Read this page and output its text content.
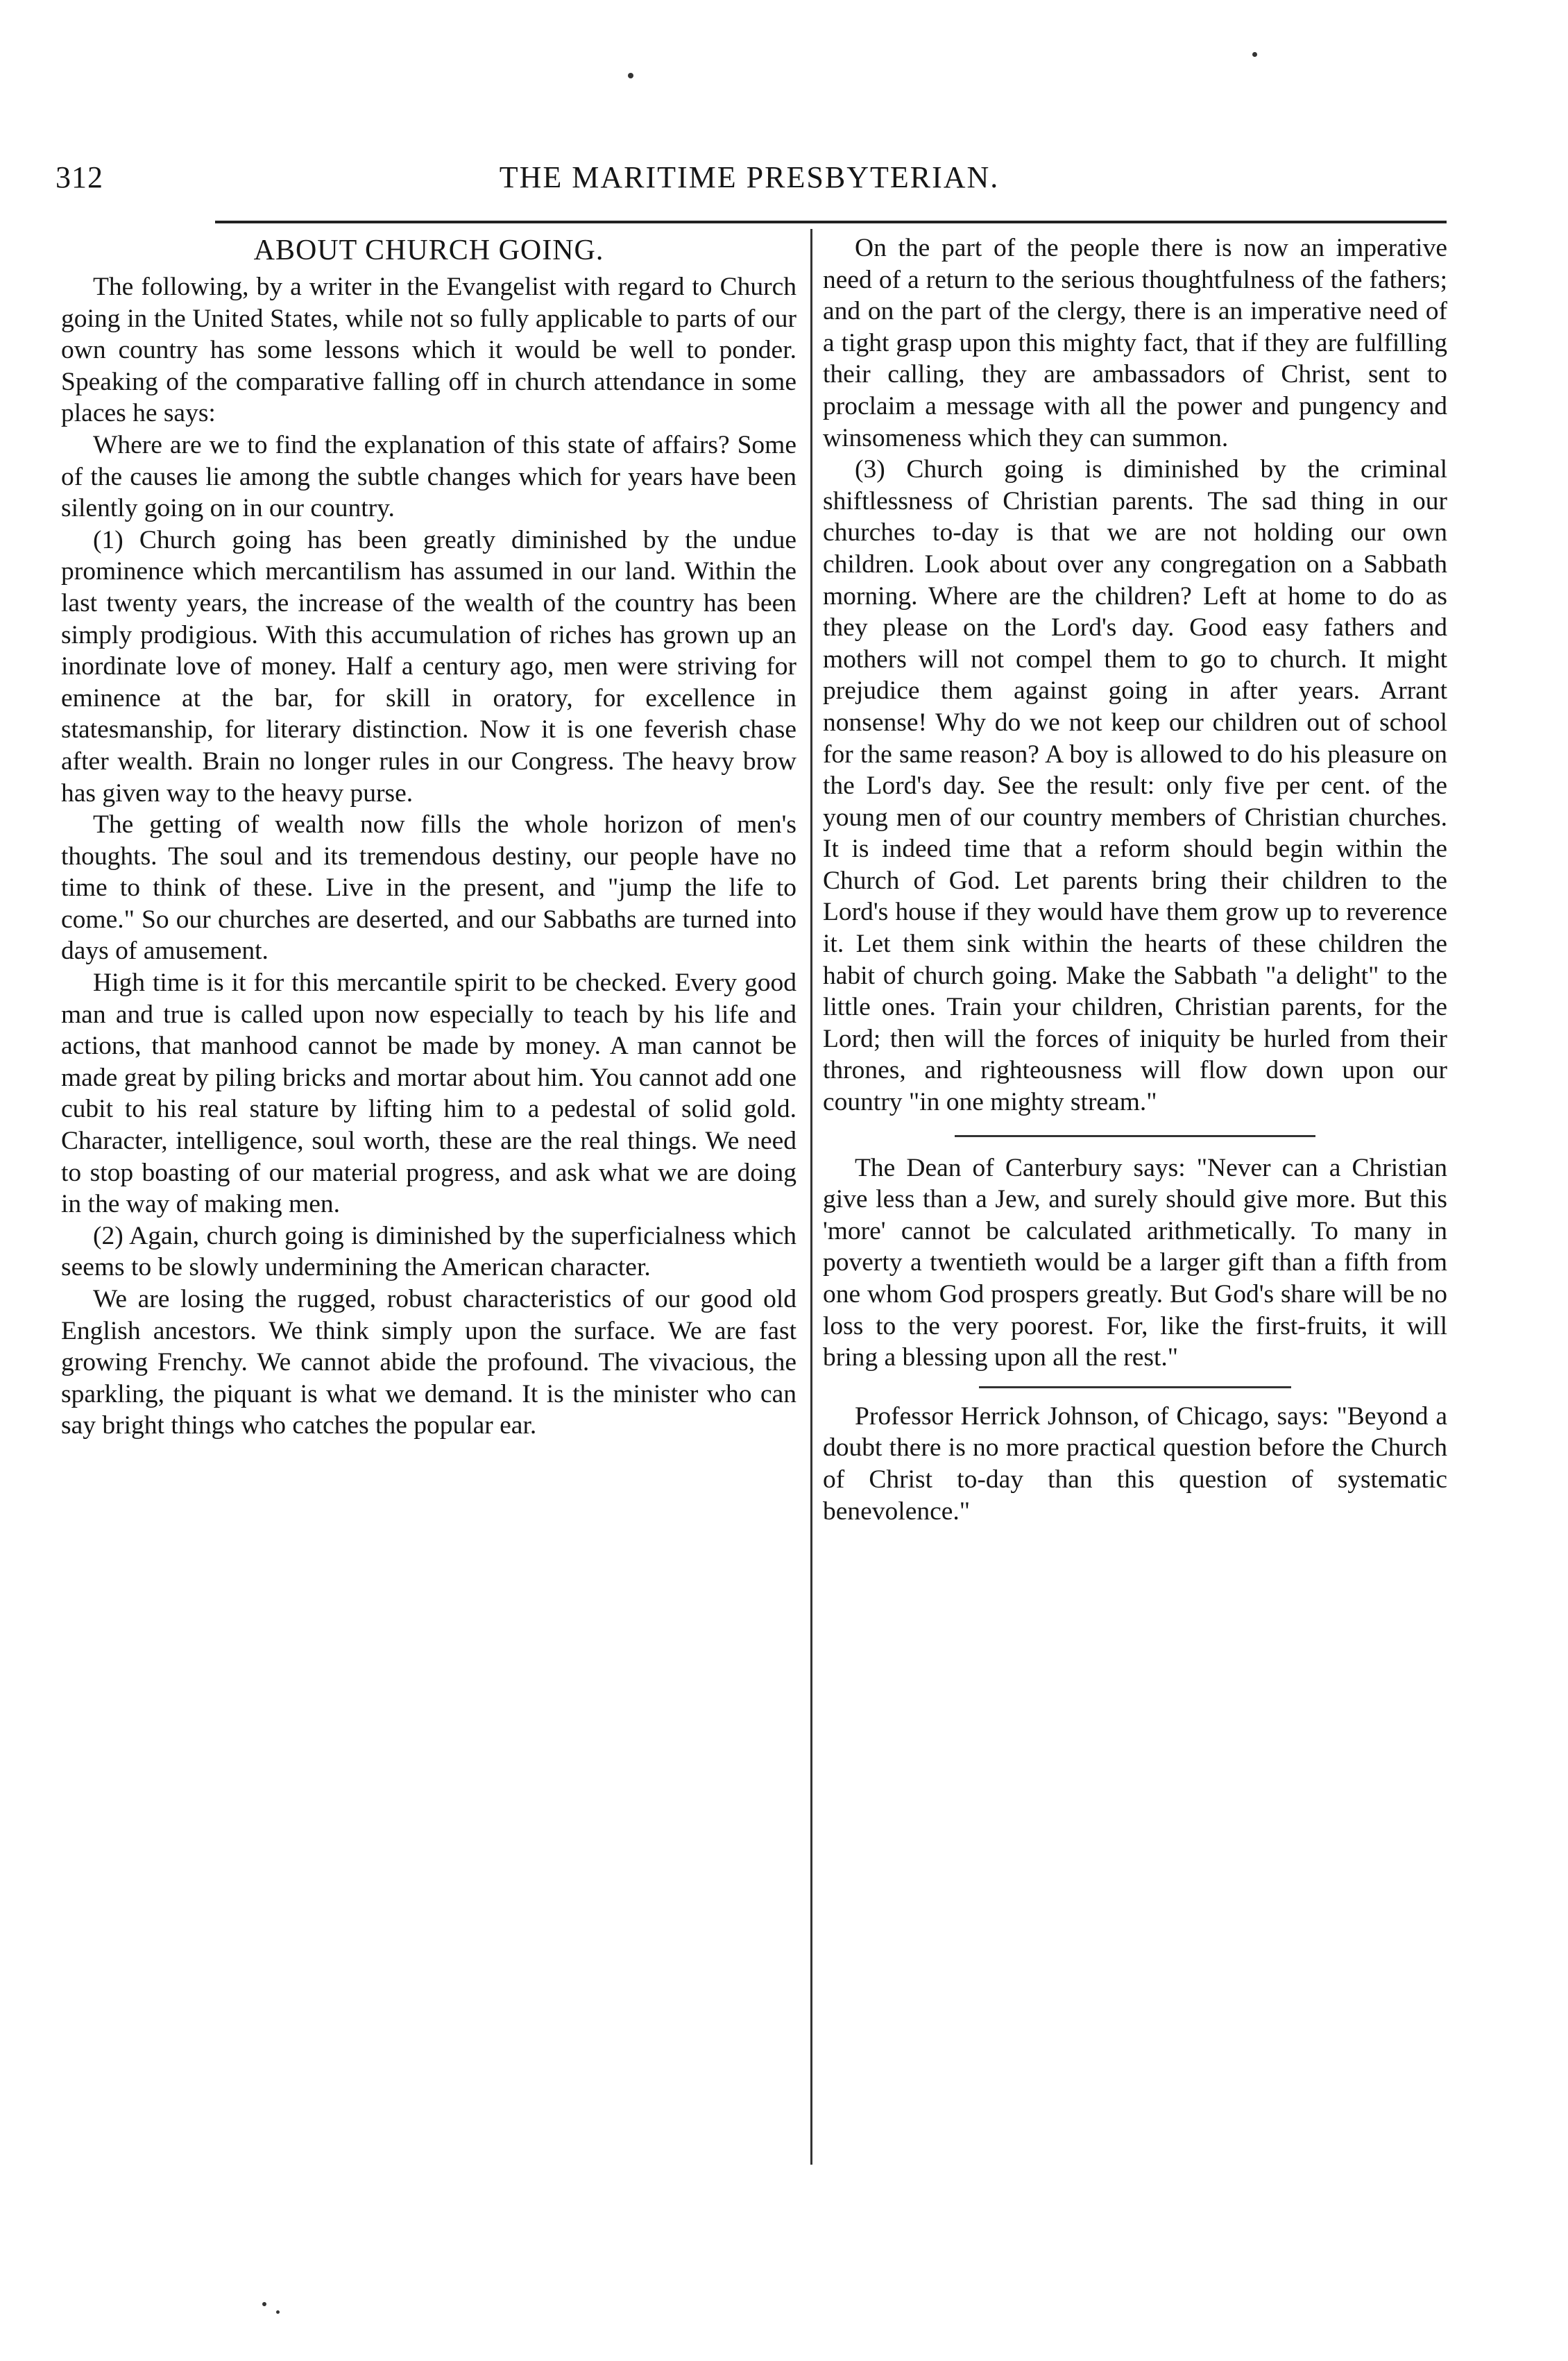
312	THE MARITIME PRESBYTERIAN.
ABOUT CHURCH GOING.

The following, by a writer in the Evangelist with regard to Church going in the United States, while not so fully applicable to parts of our own country has some lessons which it would be well to ponder. Speaking of the comparative falling off in church attendance in some places he says:

Where are we to find the explanation of this state of affairs? Some of the causes lie among the subtle changes which for years have been silently going on in our country.

(1) Church going has been greatly diminished by the undue prominence which mercantilism has assumed in our land. Within the last twenty years, the increase of the wealth of the country has been simply prodigious. With this accumulation of riches has grown up an inordinate love of money. Half a century ago, men were striving for eminence at the bar, for skill in oratory, for excellence in statesmanship, for literary distinction. Now it is one feverish chase after wealth. Brain no longer rules in our Congress. The heavy brow has given way to the heavy purse.

The getting of wealth now fills the whole horizon of men's thoughts. The soul and its tremendous destiny, our people have no time to think of these. Live in the present, and "jump the life to come." So our churches are deserted, and our Sabbaths are turned into days of amusement.

High time is it for this mercantile spirit to be checked. Every good man and true is called upon now especially to teach by his life and actions, that manhood cannot be made by money. A man cannot be made great by piling bricks and mortar about him. You cannot add one cubit to his real stature by lifting him to a pedestal of solid gold. Character, intelligence, soul worth, these are the real things. We need to stop boasting of our material progress, and ask what we are doing in the way of making men.

(2) Again, church going is diminished by the superficialness which seems to be slowly undermining the American character.

We are losing the rugged, robust characteristics of our good old English ancestors. We think simply upon the surface. We are fast growing Frenchy. We cannot abide the profound. The vivacious, the sparkling, the piquant is what we demand. It is the minister who can say bright things who catches the popular ear.

On the part of the people there is now an imperative need of a return to the serious thoughtfulness of the fathers; and on the part of the clergy, there is an imperative need of a tight grasp upon this mighty fact, that if they are fulfilling their calling, they are ambassadors of Christ, sent to proclaim a message with all the power and pungency and winsomeness which they can summon.

(3) Church going is diminished by the criminal shiftlessness of Christian parents. The sad thing in our churches to-day is that we are not holding our own children. Look about over any congregation on a Sabbath morning. Where are the children? Left at home to do as they please on the Lord's day. Good easy fathers and mothers will not compel them to go to church. It might prejudice them against going in after years. Arrant nonsense! Why do we not keep our children out of school for the same reason? A boy is allowed to do his pleasure on the Lord's day. See the result: only five per cent. of the young men of our country members of Christian churches. It is indeed time that a reform should begin within the Church of God. Let parents bring their children to the Lord's house if they would have them grow up to reverence it. Let them sink within the hearts of these children the habit of church going. Make the Sabbath "a delight" to the little ones. Train your children, Christian parents, for the Lord; then will the forces of iniquity be hurled from their thrones, and righteousness will flow down upon our country "in one mighty stream."

The Dean of Canterbury says: "Never can a Christian give less than a Jew, and surely should give more. But this 'more' cannot be calculated arithmetically. To many in poverty a twentieth would be a larger gift than a fifth from one whom God prospers greatly. But God's share will be no loss to the very poorest. For, like the first-fruits, it will bring a blessing upon all the rest."

Professor Herrick Johnson, of Chicago, says: "Beyond a doubt there is no more practical question before the Church of Christ to-day than this question of systematic benevolence."
